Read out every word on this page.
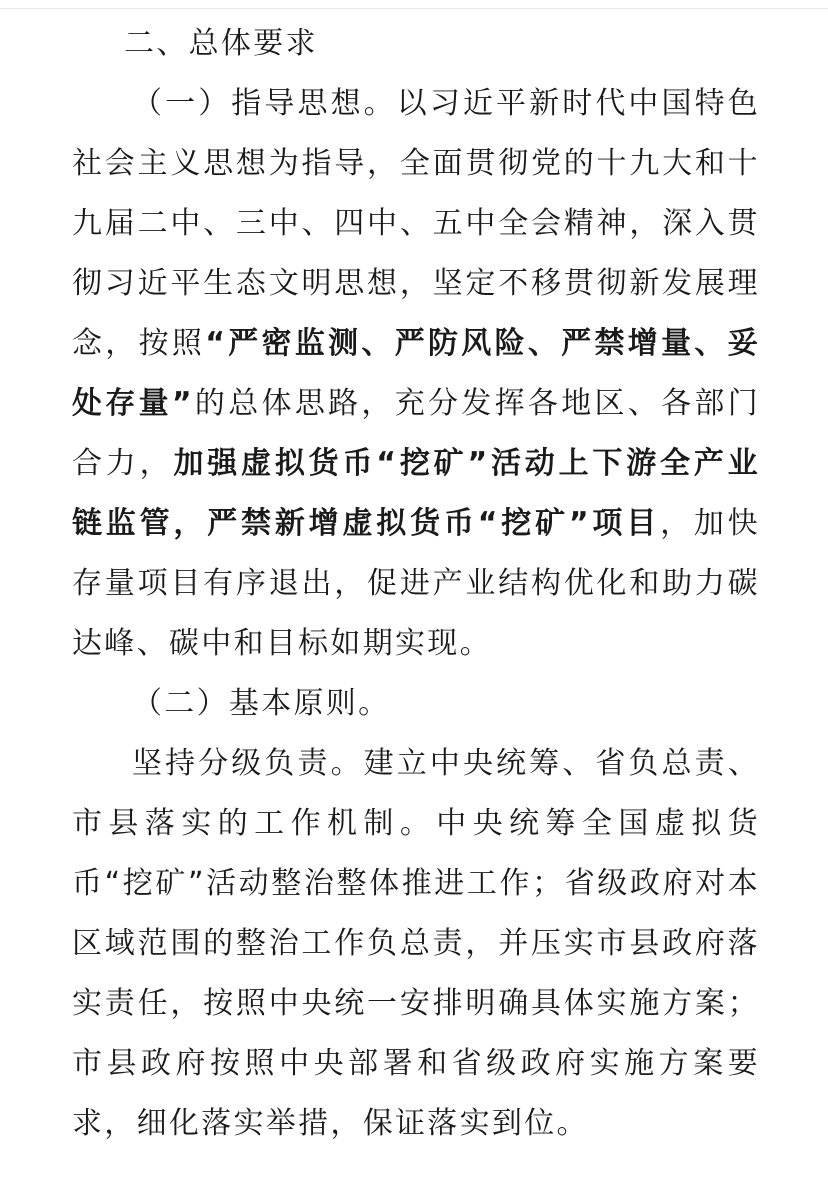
二、总体要求

（一）指导思想。以习近平新时代中国特色社会主义思想为指导，全面贯彻党的十九大和十九届二中、三中、四中、五中全会精神，深入贯彻习近平生态文明思想，坚定不移贯彻新发展理念，按照“严密监测、严防风险、严禁增量、妥处存量”的总体思路，充分发挥各地区、各部门合力，加强虚拟货币“挖矿”活动上下游全产业链监管，严禁新增虚拟货币“挖矿”项目，加快存量项目有序退出，促进产业结构优化和助力碳达峰、碳中和目标如期实现。

（二）基本原则。

坚持分级负责。建立中央统筹、省负总责、市县落实的工作机制。中央统筹全国虚拟货币“挖矿”活动整治整体推进工作；省级政府对本区域范围的整治工作负总责，并压实市县政府落实责任，按照中央统一安排明确具体实施方案；市县政府按照中央部署和省级政府实施方案要求，细化落实举措，保证落实到位。
